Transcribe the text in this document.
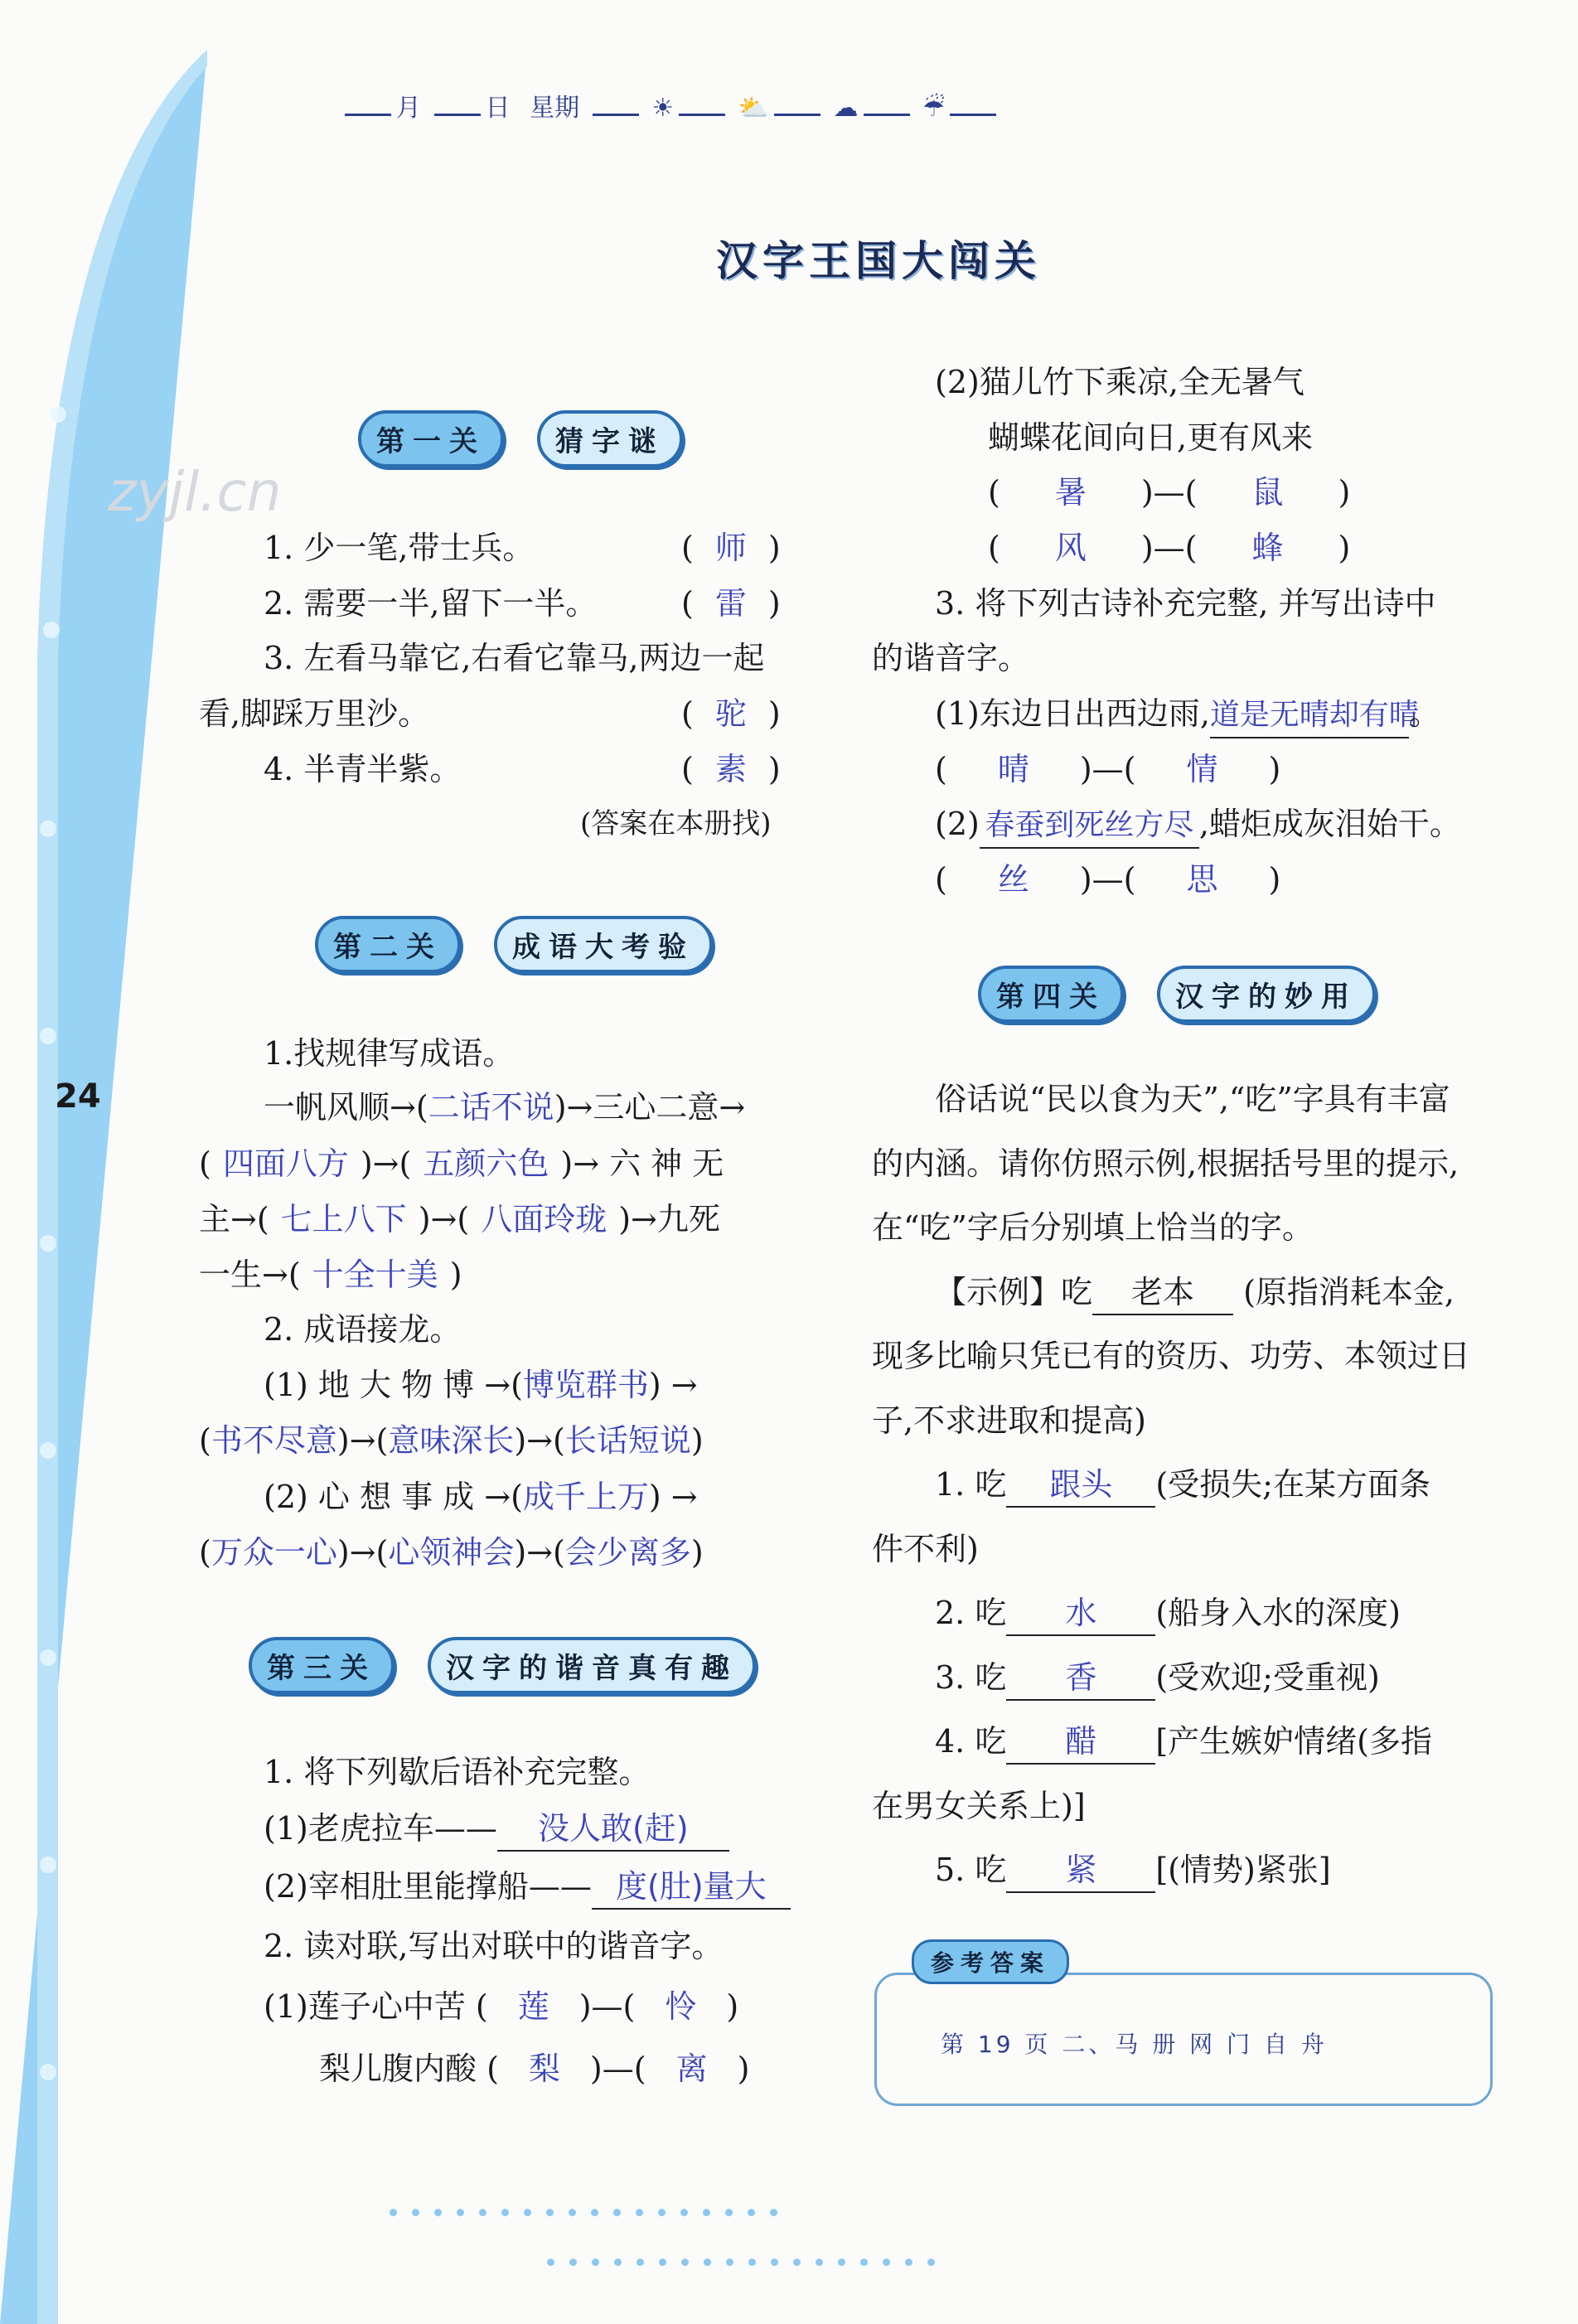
月	日 星期	☀	⛅	☁	☔
zyjl.cn
汉字王国大闯关
24
第一关	猜字谜
1. 少一笔,带士兵。	( 师 )
2. 需要一半,留下一半。	( 雷 )
3. 左看马靠它,右看它靠马,两边一起
看,脚踩万里沙。	( 驼 )
4. 半青半紫。	( 素 )
(答案在本册找)
第二关	成语大考验
1.找规律写成语。
一帆风顺→(二话不说)→三心二意→
( 四面八方 )→( 五颜六色 )→ 六 神 无
主→( 七上八下 )→( 八面玲珑 )→九死
一生→( 十全十美 )
2. 成语接龙。
(1) 地 大 物 博 →(博览群书) →
(书不尽意)→(意味深长)→(长话短说)
(2) 心 想 事 成 →(成千上万) →
(万众一心)→(心领神会)→(会少离多)
第三关	汉字的谐音真有趣
1. 将下列歇后语补充完整。
(1)老虎拉车—— 没人敢(赶)
(2)宰相肚里能撑船—— 度(肚)量大
2. 读对联,写出对联中的谐音字。
(1)莲子心中苦 ( 莲 )—( 怜 )
梨儿腹内酸 ( 梨 )—( 离 )
(2)猫儿竹下乘凉,全无暑气
蝴蝶花间向日,更有风来
( 暑 )—( 鼠 )
( 风 )—( 蜂 )
3. 将下列古诗补充完整, 并写出诗中
的谐音字。
(1)东边日出西边雨,道是无晴却有晴。
( 晴 )—( 情 )
(2) 春蚕到死丝方尽 ,蜡炬成灰泪始干。
( 丝 )—( 思 )
第四关	汉字的妙用
俗话说“民以食为天”,“吃”字具有丰富
的内涵。请你仿照示例,根据括号里的提示,
在“吃”字后分别填上恰当的字。
【示例】吃 老本 (原指消耗本金,
现多比喻只凭已有的资历、功劳、本领过日
子,不求进取和提高)
1. 吃 跟头 (受损失;在某方面条
件不利)
2. 吃 水 (船身入水的深度)
3. 吃 香 (受欢迎;受重视)
4. 吃 醋 [产生嫉妒情绪(多指
在男女关系上)]
5. 吃 紧 [(情势)紧张]
参考答案
第 19 页 二、马 册 网 门 自 舟
